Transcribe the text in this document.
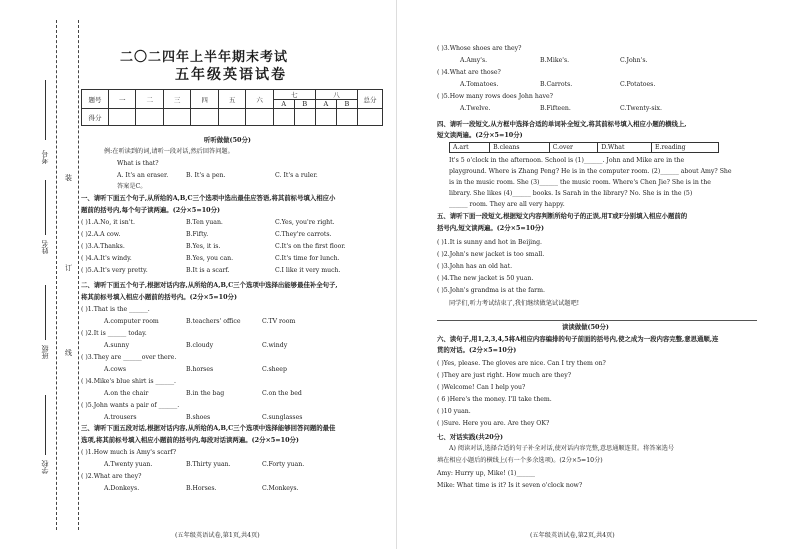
考号
姓名
班级
学校
装
订
线
二〇二四年上半年期末考试
五年级英语试卷
题号	一	二	三	四	五	六	七		八		总分
							A	B	A	B	
得分											
听听做做(50分)
例:在听读到的词,请听一段对话,然后回答问题。
What is that?
A. It's an eraser.	B. It's a pen.	C. It's a ruler.
答案是C。
一、请听下面五个句子,从所给的A,B,C三个选项中选出最佳应答语,将其前标号填入相应小
题前的括号内,每个句子读两遍。(2分×5=10分)
( )1.A.No, it isn't.	B.Ten yuan.	C.Yes, you're right.
( )2.A.A cow.	B.Fifty.	C.They're carrots.
( )3.A.Thanks.	B.Yes, it is.	C.It's on the first floor.
( )4.A.It's windy.	B.Yes, you can.	C.It's time for lunch.
( )5.A.It's very pretty.	B.It is a scarf.	C.I like it very much.
二、请听下面五个句子,根据对话内容,从所给的A,B,C三个选项中选择出能够最佳补全句子,
将其前标号填入相应小题前的括号内。(2分×5=10分)
( )1.That is the ______.
A.computer room	B.teachers' office	C.TV room
( )2.It is ______ today.
A.sunny	B.cloudy	C.windy
( )3.They are ______over there.
A.cows	B.horses	C.sheep
( )4.Mike's blue shirt is ______.
A.on the chair	B.in the bag	C.on the bed
( )5.John wants a pair of ______.
A.trousers	B.shoes	C.sunglasses
三、请听下面五段对话,根据对话内容,从所给的A,B,C三个选项中选择能够回答问题的最佳
选项,将其前标号填入相应小题前的括号内,每段对话读两遍。(2分×5=10分)
( )1.How much is Amy's scarf?
A.Twenty yuan.	B.Thirty yuan.	C.Forty yuan.
( )2.What are they?
A.Donkeys.	B.Horses.	C.Monkeys.
(五年级英语试卷,第1页,共4页)
( )3.Whose shoes are they?
A.Amy's.	B.Mike's.	C.John's.
( )4.What are those?
A.Tomatoes.	B.Carrots.	C.Potatoes.
( )5.How many rows does John have?
A.Twelve.	B.Fifteen.	C.Twenty-six.
四、请听一段短文,从方框中选择合适的单词补全短文,将其前标号填入相应小题的横线上,
短文读两遍。(2分×5=10分)
A.art	B.cleans	C.over	D.What	E.reading
It's 5 o'clock in the afternoon. School is (1)______. John and Mike are in the
playground. Where is Zhang Peng? He is in the computer room. (2)______ about Amy? She
is in the music room. She (3)______ the music room. Where's Chen Jie? She is in the
library. She likes (4)______ books. Is Sarah in the library? No. She is in the (5)
______ room. They are all very happy.
五、请听下面一段短文,根据短文内容判断所给句子的正误,用T或F分别填入相应小题前的
括号内,短文读两遍。(2分×5=10分)
( )1.It is sunny and hot in Beijing.
( )2.John's new jacket is too small.
( )3.John has an old hat.
( )4.The new jacket is 50 yuan.
( )5.John's grandma is at the farm.
同学们,听力考试结束了,我们继续做笔试试题吧!
读读做做(50分)
六、读句子,用1,2,3,4,5将A相应内容编排的句子前面的括号内,使之成为一段内容完整,意思通顺,连
贯的对话。(2分×5=10分)
( )Yes, please. The gloves are nice. Can I try them on?
( )They are just right. How much are they?
( )Welcome! Can I help you?
( 6 )Here's the money. I'll take them.
( )10 yuan.
( )Sure. Here you are. Are they OK?
七、对话实践(共20分)
A) 阅读对话,选择合适的句子补全对话,使对话内容完整,意思通顺连贯。将答案选号
填在相应小题后的横线上(有一个多余选项)。(2分×5=10分)
Amy: Hurry up, Mike! (1)______
Mike: What time is it? Is it seven o'clock now?
(五年级英语试卷,第2页,共4页)
